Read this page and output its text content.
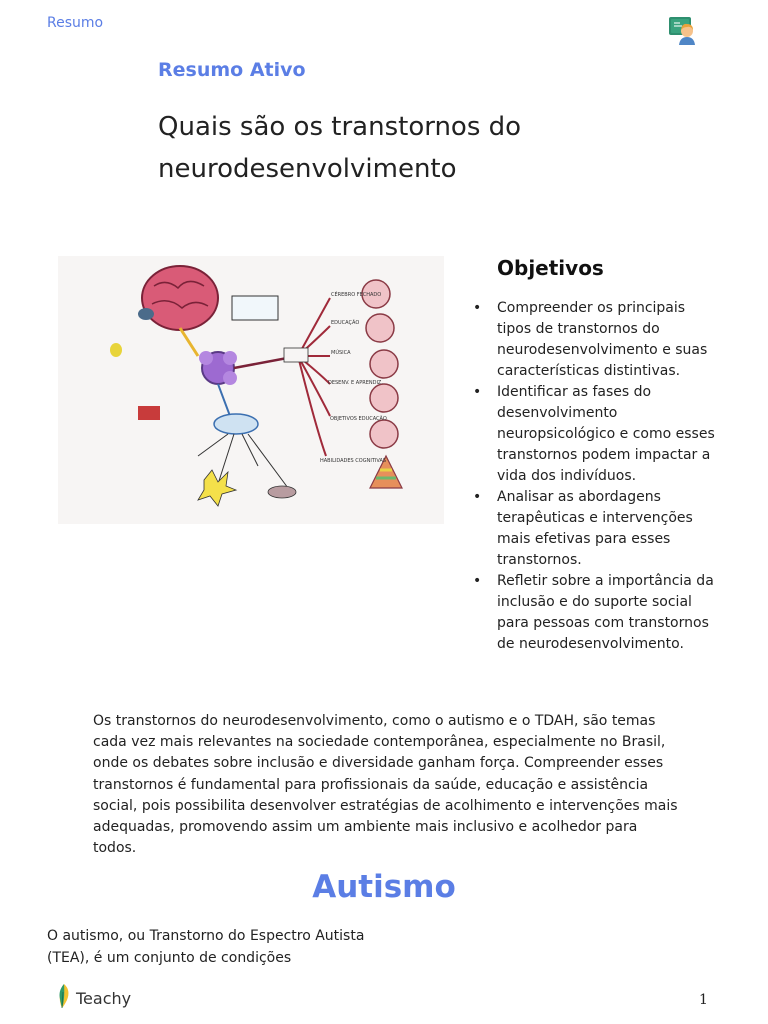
Resumo
Resumo Ativo
Quais são os transtornos do neurodesenvolvimento
CÉREBRO FECHADO
EDUCAÇÃO
MÚSICA
DESENV. E APRENDIZ.
OBJETIVOS EDUCAÇÃO
HABILIDADES COGNITIVAS
Objetivos
• Compreender os principais tipos de transtornos do neurodesenvolvimento e suas características distintivas.
• Identificar as fases do desenvolvimento neuropsicológico e como esses transtornos podem impactar a vida dos indivíduos.
• Analisar as abordagens terapêuticas e intervenções mais efetivas para esses transtornos.
• Refletir sobre a importância da inclusão e do suporte social para pessoas com transtornos de neurodesenvolvimento.
Os transtornos do neurodesenvolvimento, como o autismo e o TDAH, são temas cada vez mais relevantes na sociedade contemporânea, especialmente no Brasil, onde os debates sobre inclusão e diversidade ganham força. Compreender esses transtornos é fundamental para profissionais da saúde, educação e assistência social, pois possibilita desenvolver estratégias de acolhimento e intervenções mais adequadas, promovendo assim um ambiente mais inclusivo e acolhedor para todos.
Autismo
O autismo, ou Transtorno do Espectro Autista (TEA), é um conjunto de condições
Teachy	1
